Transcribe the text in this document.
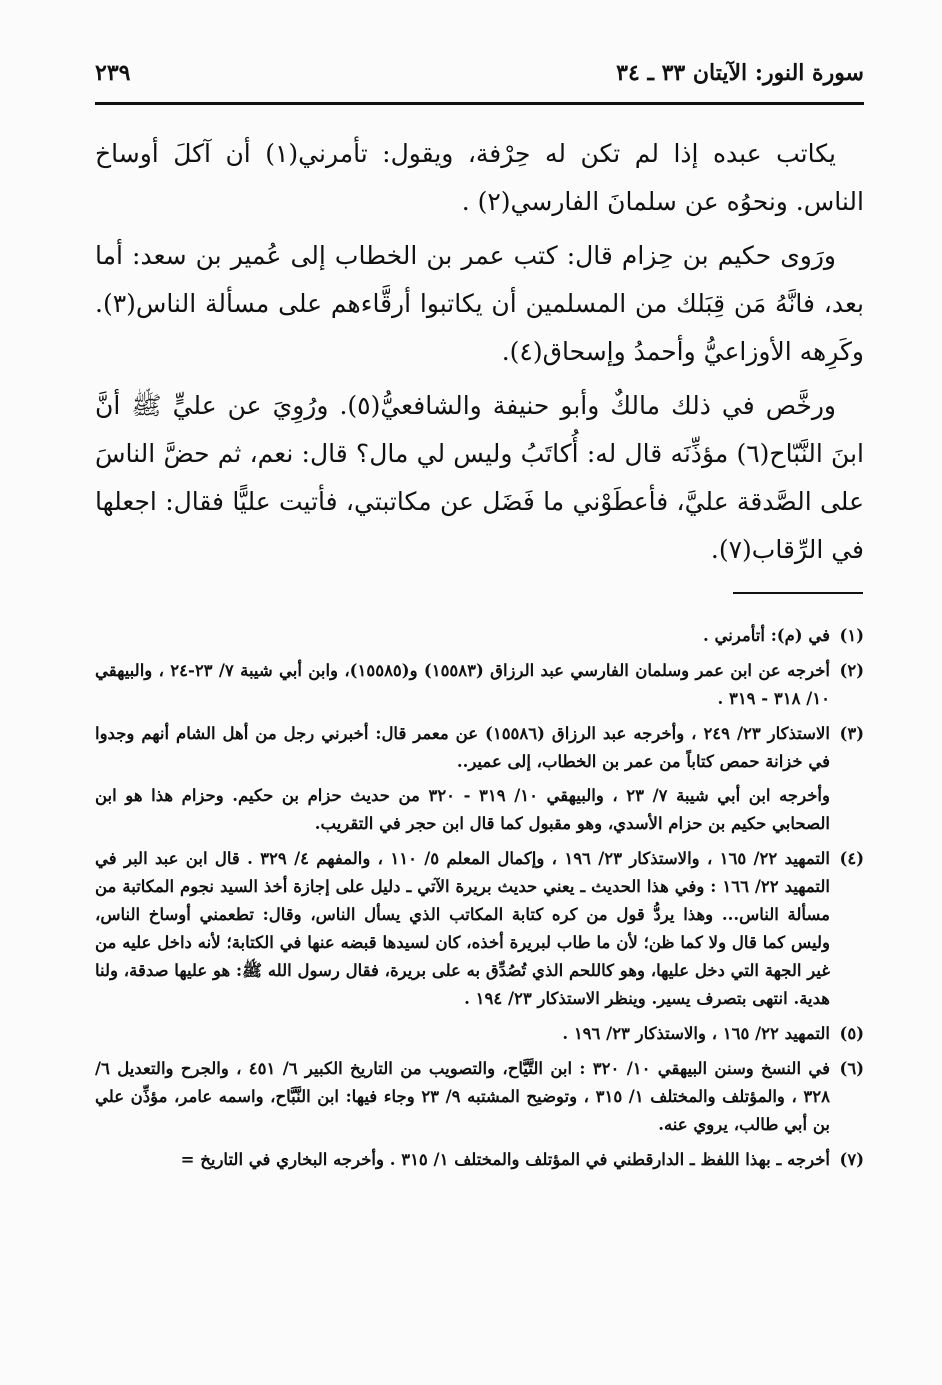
سورة النور: الآيتان ٣٣ ـ ٣٤
٢٣٩

يكاتب عبده إذا لم تكن له حِرْفة، ويقول: تأمرني(١) أن آكلَ أوساخ الناس. ونحوُه عن سلمانَ الفارسي(٢) .

ورَوى حكيم بن حِزام قال: كتب عمر بن الخطاب إلى عُمير بن سعد: أما بعد، فانَّهُ مَن قِبَلك من المسلمين أن يكاتبوا أرقَّاءهم على مسألة الناس(٣). وكَرِهه الأوزاعيُّ وأحمدُ وإسحاق(٤).

ورخَّص في ذلك مالكٌ وأبو حنيفة والشافعيُّ(٥). ورُوِيَ عن عليٍّ ﷺ أنَّ ابنَ النَّبّاح(٦) مؤذِّنَه قال له: أُكاتَبُ وليس لي مال؟ قال: نعم، ثم حضَّ الناسَ على الصَّدقة عليَّ، فأعطَوْني ما فَضَل عن مكاتبتي، فأتيت عليًّا فقال: اجعلها في الرِّقاب(٧).

(١)
في (م): أتأمرني .
(٢)
أخرجه عن ابن عمر وسلمان الفارسي عبد الرزاق (١٥٥٨٣) و(١٥٥٨٥)، وابن أبي شيبة ٧/ ٢٣-٢٤ ، والبيهقي ١٠/ ٣١٨ - ٣١٩ .
(٣)
الاستذكار ٢٣/ ٢٤٩ ، وأخرجه عبد الرزاق (١٥٥٨٦) عن معمر قال: أخبرني رجل من أهل الشام أنهم وجدوا في خزانة حمص كتاباً من عمر بن الخطاب، إلى عمير..
وأخرجه ابن أبي شيبة ٧/ ٢٣ ، والبيهقي ١٠/ ٣١٩ - ٣٢٠ من حديث حزام بن حكيم. وحزام هذا هو ابن الصحابي حكيم بن حزام الأسدي، وهو مقبول كما قال ابن حجر في التقريب.
(٤)
التمهيد ٢٢/ ١٦٥ ، والاستذكار ٢٣/ ١٩٦ ، وإكمال المعلم ٥/ ١١٠ ، والمفهم ٤/ ٣٢٩ . قال ابن عبد البر في التمهيد ٢٢/ ١٦٦ : وفي هذا الحديث ـ يعني حديث بريرة الآتي ـ دليل على إجازة أخذ السيد نجوم المكاتبة من مسألة الناس... وهذا يردُّ قول من كره كتابة المكاتب الذي يسأل الناس، وقال: تطعمني أوساخ الناس، وليس كما قال ولا كما ظن؛ لأن ما طاب لبريرة أخذه، كان لسيدها قبضه عنها في الكتابة؛ لأنه داخل عليه من غير الجهة التي دخل عليها، وهو كاللحم الذي تُصُدِّق به على بريرة، فقال رسول الله ﷺ: هو عليها صدقة، ولنا هدية. انتهى بتصرف يسير. وينظر الاستذكار ٢٣/ ١٩٤ .
(٥)
التمهيد ٢٢/ ١٦٥ ، والاستذكار ٢٣/ ١٩٦ .
(٦)
في النسخ وسنن البيهقي ١٠/ ٣٢٠ : ابن التَّيَّاح، والتصويب من التاريخ الكبير ٦/ ٤٥١ ، والجرح والتعديل ٦/ ٣٢٨ ، والمؤتلف والمختلف ١/ ٣١٥ ، وتوضيح المشتبه ٩/ ٢٣ وجاء فيها: ابن النَّبَّاح، واسمه عامر، مؤذِّن علي بن أبي طالب، يروي عنه.
(٧)
أخرجه ـ بهذا اللفظ ـ الدارقطني في المؤتلف والمختلف ١/ ٣١٥ . وأخرجه البخاري في التاريخ =
